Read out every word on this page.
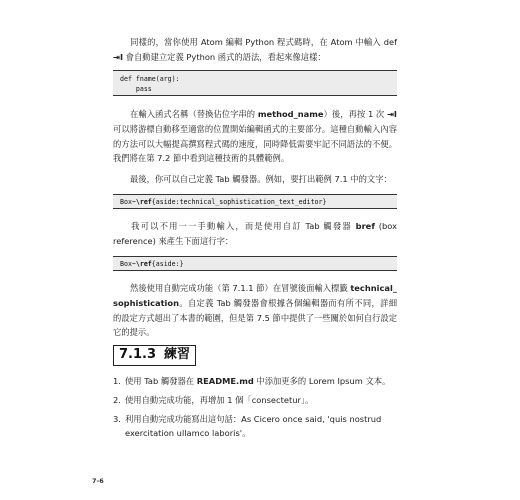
同樣的，當你使用 Atom 編輯 Python 程式碼時，在 Atom 中輸入 def ⇥I 會自動建立定義 Python 函式的語法，看起來像這樣：

def fname(arg):
pass

在輸入函式名稱（替換佔位字串的 method_name）後，再按 1 次 ⇥I 可以將游標自動移至適當的位置開始編輯函式的主要部分。這種自動輸入內容的方法可以大幅提高撰寫程式碼的速度，同時降低需要牢記不同語法的不便。我們將在第 7.2 節中看到這種技術的具體範例。

最後，你可以自己定義 Tab 觸發器。例如，要打出範例 7.1 中的文字：

Box~\ref{aside:technical_sophistication_text_editor}

我可以不用一一手動輸入，而是使用自訂 Tab 觸發器 bref (box reference) 來產生下面這行字：

Box~\ref{aside:}

然後使用自動完成功能（第 7.1.1 節）在冒號後面輸入標籤 technical_ sophistication。自定義 Tab 觸發器會根據各個編輯器而有所不同，詳細的設定方式超出了本書的範圍，但是第 7.5 節中提供了一些關於如何自行設定它的提示。

7.1.3 練習
1. 使用 Tab 觸發器在 README.md 中添加更多的 Lorem Ipsum 文本。
2. 使用自動完成功能，再增加 1 個「consectetur」。
3. 利用自動完成功能寫出這句話：As Cicero once said, 'quis nostrud exercitation ullamco laboris'。
7-6
